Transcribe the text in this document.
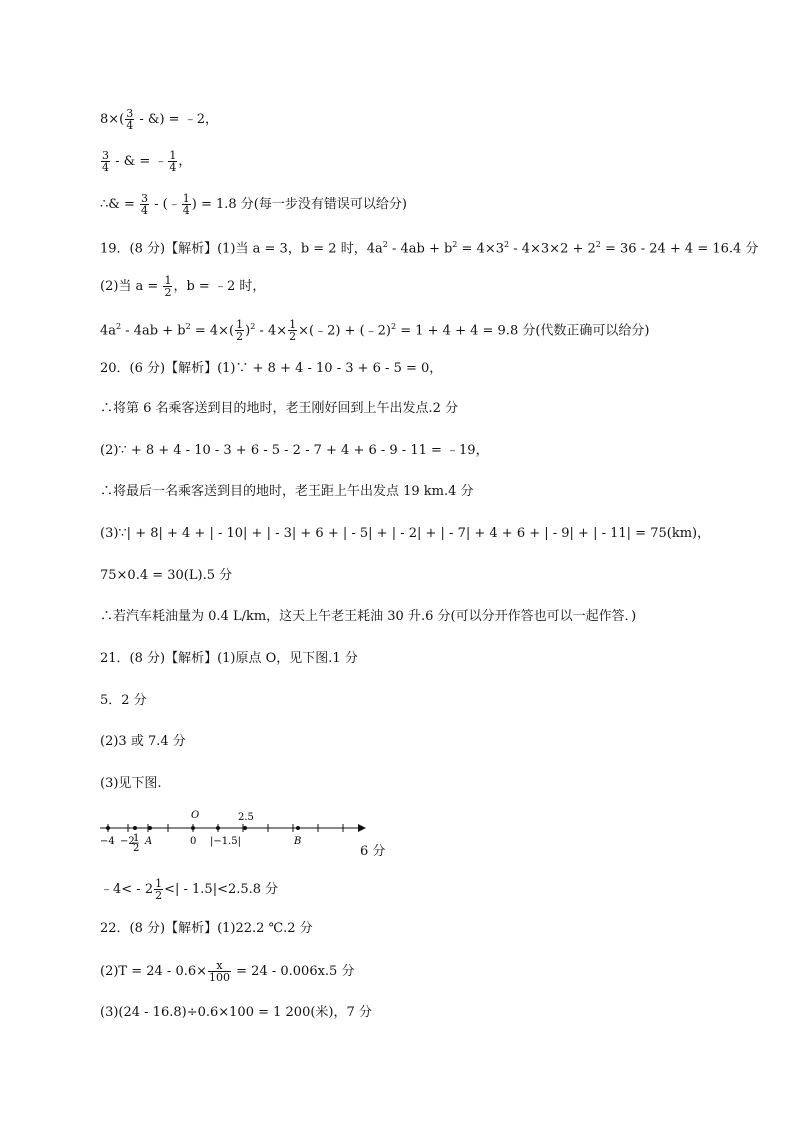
$8\times( \frac{3}{4}$ - &) = ﹣2，
$\frac{3}{4}$ - & = ﹣ $\frac{1}{4}$ ，
∴& = $\frac{3}{4}$ - (﹣ $\frac{1}{4}$ ) = 1.8 分(每一步没有错误可以给分)
19．(8 分)【解析】(1)当 a = 3，b = 2 时，$4a^2 - 4ab + b^2 = 4\times 3^2 - 4\times 3\times 2 + 2^2 = 36 - 24 + 4 = 16.4$ 分
(2)当 $a = \frac{1}{2}$ ，b = ﹣2 时，
$4a^2 - 4ab + b^2 = 4\times( \frac{1}{2} )^2 - 4\times \frac{1}{2}$ ×(﹣2) + (﹣2)$^2$ = 1 + 4 + 4 = 9.8 分(代数正确可以给分)
20．(6 分)【解析】(1)∵ + 8 + 4 - 10 - 3 + 6 - 5 = 0，
∴将第 6 名乘客送到目的地时，老王刚好回到上午出发点.2 分
(2)∵ + 8 + 4 - 10 - 3 + 6 - 5 - 2 - 7 + 4 + 6 - 9 - 11 = ﹣19，
∴将最后一名乘客送到目的地时，老王距上午出发点 19 km.4 分
(3)∵| + 8| + 4 + | - 10| + | - 3| + 6 + | - 5| + | - 2| + | - 7| + 4 + 6 + | - 9| + | - 11| = 75(km)，
75×0.4 = 30(L).5 分
∴若汽车耗油量为 0.4 L/km，这天上午老王耗油 30 升.6 分(可以分开作答也可以一起作答．)
21．(8 分)【解析】(1)原点 O，见下图.1 分
5．2 分
(2)3 或 7.4 分
(3)见下图.
O	2.5
−4 −2
1
2
A	0 |−1.5|	B
6 分
﹣4< - $2 \frac{1}{2}$ <| - 1.5|<2.5.8 分
22．(8 分)【解析】(1)22.2 ℃.2 分
$(2)T = 24 - 0.6\times \frac{x}{100} = 24 - 0.006x.5$ 分
(3)(24 - 16.8)÷0.6×100 = 1 200(米)，7 分
